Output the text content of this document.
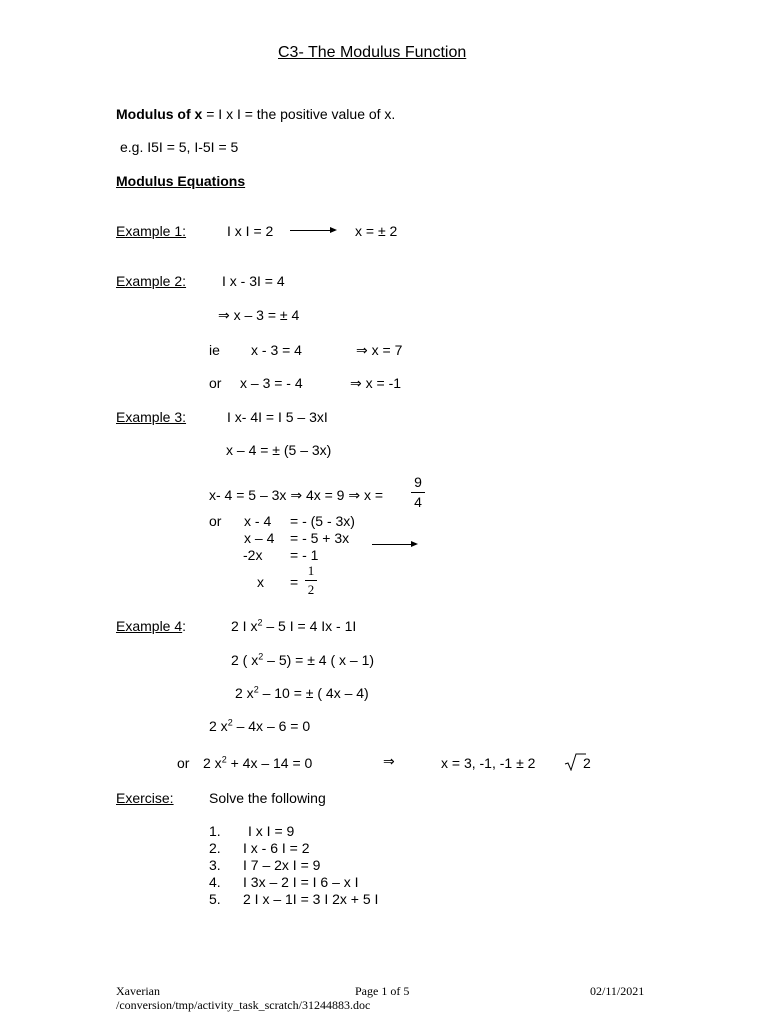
C3- The Modulus Function
Modulus of x = I x I = the positive value of x.
e.g. I5I = 5, I-5I = 5
Modulus Equations
Example 1:	I x I = 2	x = ± 2
Example 2:	I x - 3I = 4
⇒ x – 3 = ± 4
ie x - 3 = 4	⇒ x = 7
or x – 3 = - 4	⇒ x = -1
Example 3:	I x- 4I = I 5 – 3xI
x – 4 = ± (5 – 3x)
x- 4 = 5 – 3x ⇒ 4x = 9 ⇒ x =
9
4
or x - 4 = - (5 - 3x)
x – 4 = - 5 + 3x
-2x = - 1
x =
1
2
Example 4:	2 I $x^2 - 5$ I = 4 Ix - 1I
2 ( $x^2 - 5$) = ± 4 ( x – 1)
2 $x^2 - 10$ = ± ( 4x – 4)
2 $x^2 - 4x - 6 = 0$
or 2 $x^2 + 4x - 14 = 0$	⇒	x = 3, -1, -1 ± 2	2
Exercise:	Solve the following
1. I x I = 9
2. I x - 6 I = 2
3. I 7 – 2x I = 9
4. I 3x – 2 I = I 6 – x I
5. 2 I x – 1I = 3 I 2x + 5 I
Xaverian	Page 1 of 5	02/11/2021
/conversion/tmp/activity_task_scratch/31244883.doc
